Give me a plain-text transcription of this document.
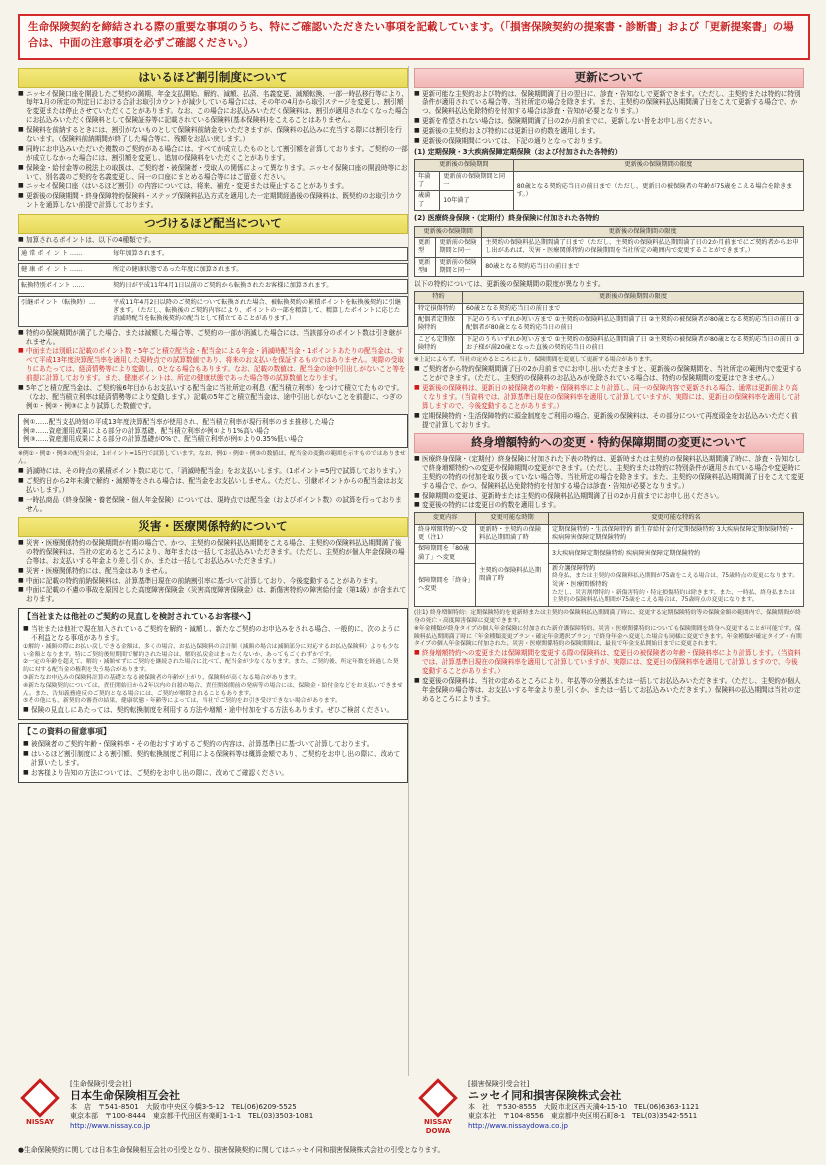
生命保険契約を締結される際の重要な事項のうち、特にご確認いただきたい事項を記載しています。（「損害保険契約の提案書・診断書」および「更新提案書」の場合は、中面の注意事項を必ずご確認ください。）
はいるほど割引制度について
■ ニッセイ保険口座を開設したご契約の満期、年金支払開始、解約、減額、払済、名義変更、減額転換、一部一時払移行等により、毎年1月の所定の判定日における合計お取引カウントが減少している場合には、その年の4月から取引ステージを変更し、割引額を変更または停止させていただくことがあります。なお、この場合にお払込みいただく保険料は、割引が適用されなくなった場合にお払込みいただく保険料として保険証券等に記載されている保険料(基本保険料)をこえることはありません。
■ 保険料を前納するときには、割引がないものとして保険料前納金をいただきますが、保険料の払込みに充当する際には割引を行ないます。（保険料前納期間が終了した場合等に、残額をお払い戻します。）
■ 同時にお申込みいただいた複数のご契約がある場合には、すべてが成立したものとして割引額を計算しております。ご契約の一部が成立しなかった場合には、割引額を変更し、追加の保険料をいただくことがあります。
■ 保険金・給付金等の税法上の取扱は、ご契約者・被保険者・受取人の関係によって異なります。ニッセイ保険口座の開設時等において、別名義のご契約を名義変更し、同一の口座にまとめる場合等にはご留意ください。
■ ニッセイ保険口座（はいるほど割引）の内容については、将来、補充・変更または廃止することがあります。
■ 更新後の保険期間・終身保障特約保険料・ステップ保険料払込方式を適用した一定期間経過後の保険料は、既契約のお取引カウントを通算しない前提で計算しております。
つづけるほど配当について
■ 加算されるポイントは、以下の4種類です。
通 常 ポ イ ン ト ……	毎年加算されます。
健 康 ポ イ ン ト ……	所定の健康状態であった年度に加算されます。
転換特別ポイント ……	契約日が平成11年4月1日以前のご契約から転換されたお客様に加算されます。
引継ポイント（転換時）…	平成11年4月2日以降のご契約について転換された場合、被転換契約の累積ポイントを転換後契約に引継ぎます。（ただし、転換後のご契約内容により、ポイントの一部を精算して、精算したポイントに応じた消滅時配当を転換後契約の配当として積立てることがあります。）
■ 特約の保険期間が満了した場合、または減額した場合等、ご契約の一部が消滅した場合には、当該部分のポイント数は引き継がれません。
■ 中面または別紙に記載のポイント数・5年ごと積立配当金・配当金による年金・消滅時配当金・1ポイントあたりの配当金は、すべて平成13年度決算配当率を適用した現時点での試算数値であり、将来のお支払いを保証するものではありません。実際の受取りにあたっては、経済情勢等により変動し、0となる場合もあります。なお、記載の数値は、配当金の途中引出しがないこと等を前提に計算しております。また、健康ポイントは、所定の健康状態であった場合等の試算数値となります。
■ 5年ごと積立配当金は、ご契約後6年目からお支払いする配当金に当社所定の利息（配当積立利率）をつけて積立てたものです。（なお、配当積立利率は経済情勢等により変動します。）記載の5年ごと積立配当金は、途中引出しがないことを前提に、つぎの例①・例②・例③により試算した数値です。
例①……配当支払時刻の平成13年度決算配当率が使用され、配当積立利率が現行利率のまま推移した場合
例②……資産運用成果による部分の計算基礎、配当積立利率が例①より1%高い場合
例③……資産運用成果による部分の計算基礎が0%で、配当積立利率が例①より0.35%低い場合
※例①・例②・例③の配当金は、1ポイント=15円で試算しています。なお、例①・例②・例③の数値は、配当金の変動の範囲を示すものではありません。
■ 消滅時には、その時点の累積ポイント数に応じて、「消滅時配当金」をお支払いします。（1ポイント=5円で試算しております。）
■ ご契約日から2年未満で解約・減額等をされる場合は、配当金をお支払いしません。（ただし、引継ポイントからの配当金はお支払いします。）
■ 一時払商品（終身保険・養老保険・個人年金保険）については、現時点では配当金（およびポイント数）の試算を行っておりません。
災害・医療関係特約について
■ 災害・医療関係特約の保険期間が有期の場合で、かつ、主契約の保険料払込期間をこえる場合、主契約の保険料払込期間満了後の特約保険料は、当社の定めるところにより、毎年または一括してお払込みいただきます。（ただし、主契約が個人年金保険の場合等は、お支払いする年金より差し引くか、または一括してお払込みいただきます。）
■ 災害・医療関係特約には、配当金はありません。
■ 中面に記載の特約前納保険料は、計算基準日現在の前納割引率に基づいて計算しており、今後変動することがあります。
■ 中面に記載の不慮の事故を原因とした高度障害保険金（災害高度障害保険金）は、新傷害特約の障害給付金（第1級）が含まれております。
【当社または他社のご契約の見直しを検討されているお客様へ】
■ 当社または他社で現在加入されているご契約を解約・減額し、新たなご契約のお申込みをされる場合、一般的に、次のように不利益となる事項があります。
①解約・減額の際にお払い戻しできる金額は、多くの場合、お払込保険料の合計額（減額の場合は減額部分に対応するお払込保険料）よりも少ない金額となります。特にご契約後短期間で解約された場合は、解約払戻金はまったくないか、あってもごくわずかです。
②一定の年齢を超えて、解約・減額せずにご契約を継続された場合に比べて、配当金が少なくなります。また、ご契約後、所定年数を経過した契約に対する配当金の権利を失う場合があります。
③新たなお申込みの保険料計算の基礎となる被保険者の年齢が上がり、保険料が高くなる場合があります。
④新たな保険契約については、責任開始日から2年以内の自殺の場合、責任開始期前の発病等の場合には、保険金・給付金などをお支払いできません。また、告知義務違反のご契約となる場合には、ご契約が解除されることもあります。
⑤その他にも、新契約の審査の結果、健康状態・年齢等によっては、当社でご契約をお引き受けできない場合があります。
■ 保険の見直しにあたっては、契約転換制度を利用する方法や増額・途中付加をする方法もあります。ぜひご検討ください。
【この資料の留意事項】
■ 被保険者のご契約年齢・保険料率・その他おすすめするご契約の内容は、計算基準日に基づいて計算しております。
■ はいるほど割引制度による割引額、契約転換制度ご利用による保険料等は概算金額であり、ご契約をお申し出の際に、改めて計算いたします。
■ お客様より告知の方法については、ご契約をお申し出の際に、改めてご確認ください。
更新について
■ 更新可能な主契約および特約は、保険期間満了日の翌日に、診査・告知なしで更新できます。（ただし、主契約または特約に特別条件が適用されている場合等、当社所定の場合を除きます。また、主契約の保険料払込期間満了日をこえて更新する場合で、かつ、保険料払込免除特約を付加する場合は診査・告知が必要となります。）
■ 更新を希望されない場合は、保険期間満了日の2か月前までに、更新しない旨をお申し出ください。
■ 更新後の主契約および特約には更新日の約数を適用します。
■ 更新後の保険期間については、下記の通りとなっております。
(1) 定期保険・3大疾病保障定期保険（および付加された各特約）
更新後の保険期間		更新後の保険期間の限度
年満了	更新前の保険期間と同一	80歳となる契約応当日の前日まで（ただし、更新日の被保険者の年齢が75歳をこえる場合を除きます。）
歳満了	10年満了	
(2) 医療終身保険・（定期付）終身保険に付加された各特約
更新後の保険期間		更新後の保険期間の限度
更新型	更新前の保険期間と同一	主契約の保険料払込期間満了日まで（ただし、主契約の保険料払込期間満了日の2か月前までにご契約者からお申し出があれば、災害・医療関係特約の保険期間を当社所定の範囲内で変更することができます。）
更新型Ⅱ	更新前の保険期間と同一	80歳となる契約応当日の前日まで
以下の特約については、更新後の保険期間の限度が異なります。
特約	更新後の保険期間の限度
特定損傷特約	60歳となる契約応当日の前日まで
配偶者定期保険特約	下記のうちいずれか短い方まで ①主契約の保険料払込期間満了日 ②主契約の被保険者が80歳となる契約応当日の前日 ③配偶者が80歳となる契約応当日の前日
こども定期保険特約	下記のうちいずれか短い方まで ①主契約の保険料払込期間満了日 ②主契約の被保険者が80歳となる契約応当日の前日 ③お子様が満20歳となった直後の契約応当日の前日
※上記によらず、当社の定めるところにより、保険期間を変更して更新する場合があります。
■ ご契約者から特約保険期間満了日の2か月前までにお申し出いただきますと、更新後の保険期間を、当社所定の範囲内で変更することができます。（ただし、主契約の保険料のお払込みが免除されている場合は、特約の保険期間の変更はできません。）
■ 更新後の保険料は、更新日の被保険者の年齢・保険料率により計算し、同一の保障内容で更新される場合、通常は更新前より高くなります。（当資料では、計算基準日現在の保険料率を適用して計算していますが、実際には、更新日の保険料率を適用して計算しますので、今後変動することがあります。）
■ 定期保険特約・生活保障特約に頭金制度をご利用の場合、更新後の保険料は、その部分について再度頭金をお払込みいただく前提で計算しております。
終身増額特約への変更・特約保障期間の変更について
■ 医療終身保険・（定期付）終身保険に付加された下表の特約は、更新時または主契約の保険料払込期間満了時に、診査・告知なしで終身増額特約への変更や保障期間の変更ができます。（ただし、主契約または特約に特別条件が適用されている場合や変更時に主契約の特約の付加を取り扱っていない場合等、当社所定の場合を除きます。また、主契約の保険料払込期間満了日をこえて変更する場合で、かつ、保険料払込免除特約を付加する場合は診査・告知が必要となります。）
■ 保障期間の変更は、更新時または主契約の保険料払込期間満了日の2か月前までにお申し出ください。
■ 変更後の特約には変更日の約数を適用します。
変更内容	変更可能な時期	変更可能な特約名
終身増額特約へ変更（注1）	更新時・主契約の保険料払込期間満了時	定期保険特約・生活保障特約 新生存給付金付定期保険特約 3大疾病保障定期保険特約・疾病障害保障定期保険特約
保障期間を「80歳満了」へ変更	主契約の保険料払込期間満了時	3大疾病保障定期保険特約 疾病障害保障定期保険特約
保障期間を「終身」へ変更		新介護保障特約
終身払、または主契約の保険料払込期間が75歳をこえる場合は、75歳時点の変更になります。
災害・医療関係特約
ただし、災害割増特約・新傷害特約・特定損傷特約は除きます。また、一時払、終身払または主契約の保険料払込期間が75歳をこえる場合は、75歳時点の変更になります。
(注1) 終身増額特約：定期保険特約を更新時または主契約の保険料払込期間満了時に、変更する定期保険特約等の保険金額の範囲内で、保険期間が終身の死亡・高度障害保障に変更できます。
※年金種類が終身タイプの個人年金保険に付加された新介護保障特約、災害・医療関係特約についても保険期間を終身へ変更することが可能です。保険料払込期間満了時に「年金種類変更プラン・確定年金選択プラン」で終身年金へ変更した場合も同様に変更できます。年金種類が確定タイプ・有期タイプの個人年金保険に付加された、災害・医療関係特約の保険期間は、最長で年金支払開始日までに変更されます。
■ 終身増額特約への変更または保障期間を変更する際の保険料は、変更日の被保険者の年齢・保険料率により計算します。（当資料では、計算基準日現在の保険料率を適用して計算していますが、実際には、変更日の保険料率を適用して計算しますので、今後変動することがあります。）
■ 変更後の保険料は、当社の定めるところにより、年払等の分割払または一括してお払込みいただきます。（ただし、主契約が個人年金保険の場合等は、お支払いする年金より差し引くか、または一括してお払込みいただきます。）保険料の払込期間は当社の定めるところによります。
NISSAY
[生命保険引受会社]
日本生命保険相互会社
本　店　〒541-8501　大阪市中央区今橋3-5-12　TEL(06)6209-5525
東京本部　〒100-8444　東京都千代田区有楽町1-1-1　TEL(03)3503-1081
http://www.nissay.co.jp	NISSAY
DOWA
[損害保険引受会社]
ニッセイ同和損害保険株式会社
本　社　〒530-8555　大阪市北区西天満4-15-10　TEL(06)6363-1121
東京本社　〒104-8556　東京都中央区明石町8-1　TEL(03)3542-5511
http://www.nissaydowa.co.jp
●生命保険契約に関しては日本生命保険相互会社の引受となり、損害保険契約に関してはニッセイ同和損害保険株式会社の引受となります。
